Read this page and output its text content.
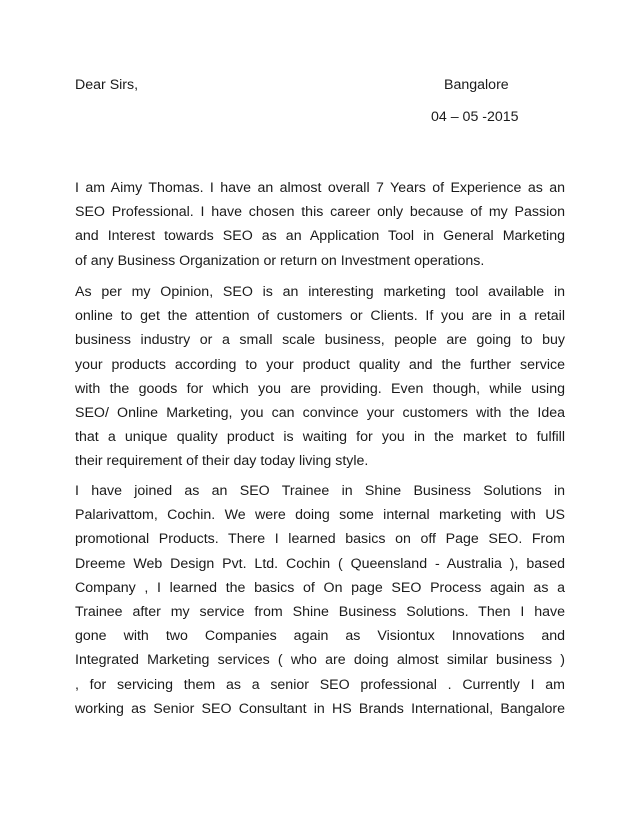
Dear Sirs,	Bangalore
04 – 05 -2015
I am Aimy Thomas. I have an almost overall 7 Years of Experience as an
SEO Professional. I have chosen this career only because of my Passion
and Interest towards SEO as an Application Tool in General Marketing
of any Business Organization or return on Investment operations.
As per my Opinion, SEO is an interesting marketing tool available in
online to get the attention of customers or Clients. If you are in a retail
business industry or a small scale business, people are going to buy
your products according to your product quality and the further service
with the goods for which you are providing. Even though, while using
SEO/ Online Marketing, you can convince your customers with the Idea
that a unique quality product is waiting for you in the market to fulfill
their requirement of their day today living style.
I have joined as an SEO Trainee in Shine Business Solutions in
Palarivattom, Cochin. We were doing some internal marketing with US
promotional Products. There I learned basics on off Page SEO. From
Dreeme Web Design Pvt. Ltd. Cochin ( Queensland - Australia ), based
Company , I learned the basics of On page SEO Process again as a
Trainee after my service from Shine Business Solutions. Then I have
gone with two Companies again as Visiontux Innovations and
Integrated Marketing services ( who are doing almost similar business )
, for servicing them as a senior SEO professional . Currently I am
working as Senior SEO Consultant in HS Brands International, Bangalore
